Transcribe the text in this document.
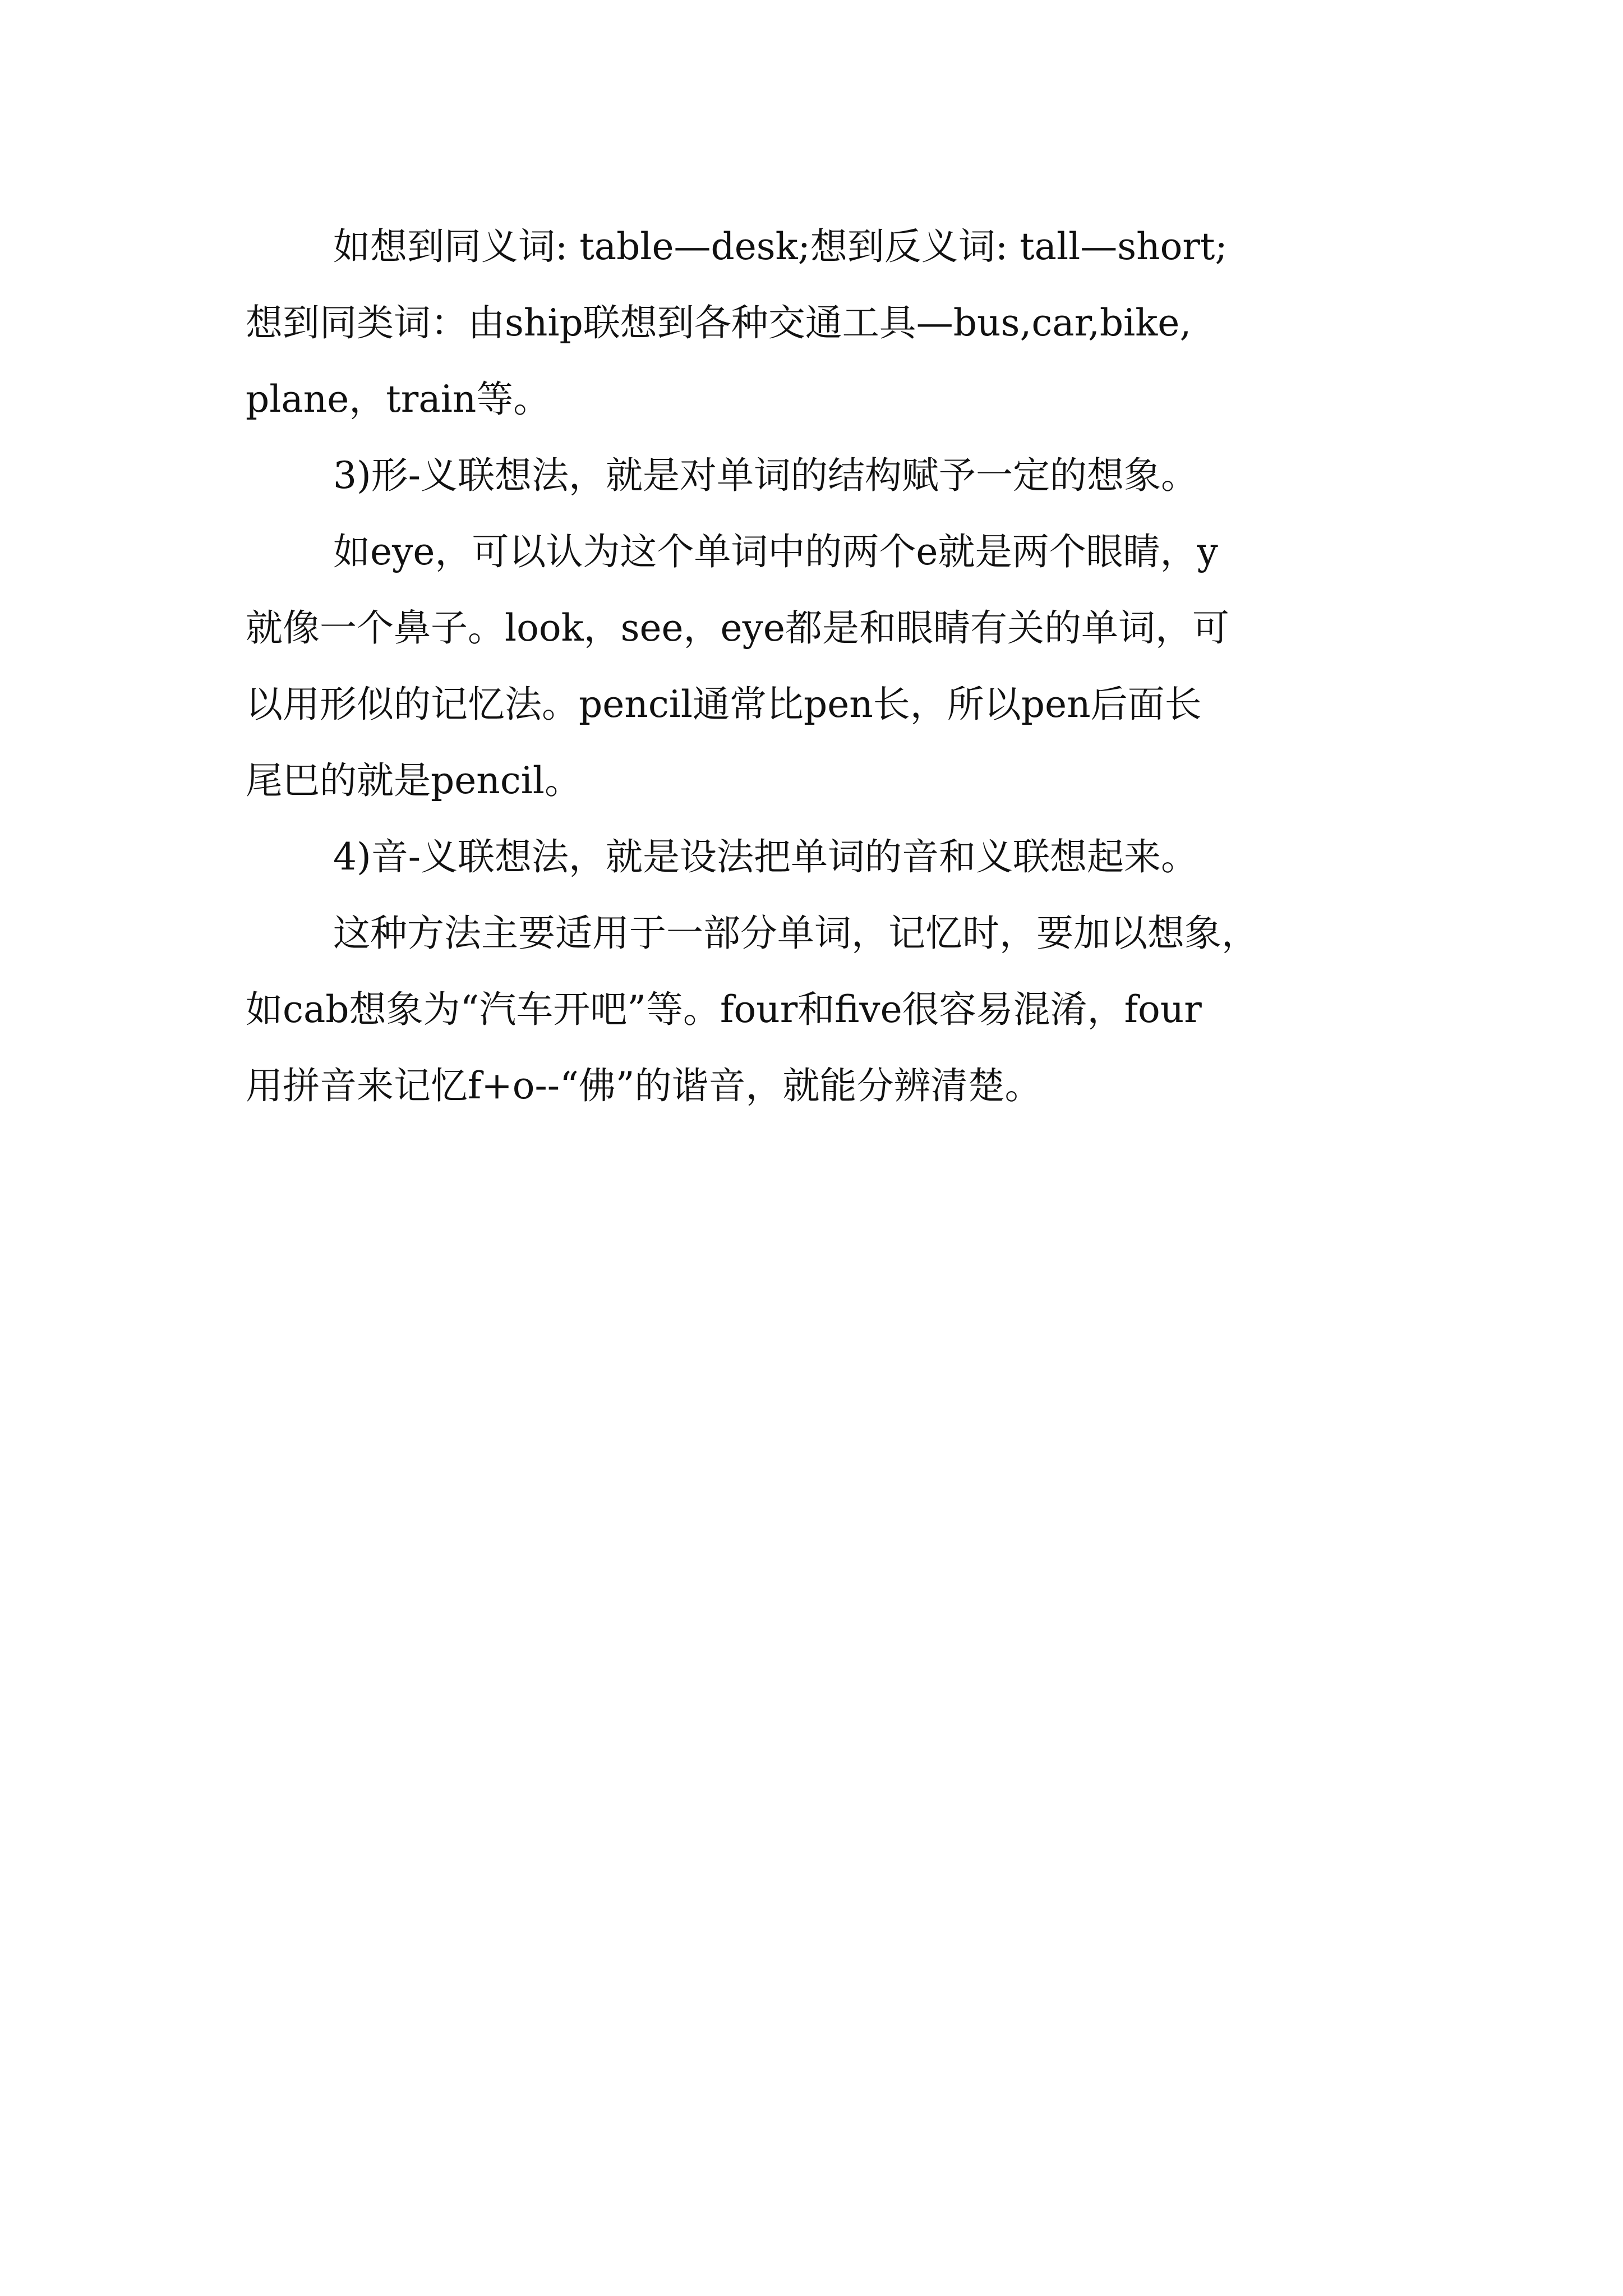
如想到同义词: table—desk;想到反义词: tall—short;
想到同类词：由ship联想到各种交通工具—bus,car,bike,
plane，train等。
3)形-义联想法，就是对单词的结构赋予一定的想象。
如eye，可以认为这个单词中的两个e就是两个眼睛，y
就像一个鼻子。look，see，eye都是和眼睛有关的单词，可
以用形似的记忆法。pencil通常比pen长，所以pen后面长
尾巴的就是pencil。
4)音-义联想法，就是设法把单词的音和义联想起来。
这种方法主要适用于一部分单词，记忆时，要加以想象，
如cab想象为“汽车开吧”等。four和five很容易混淆，four
用拼音来记忆f+o--“佛”的谐音，就能分辨清楚。
